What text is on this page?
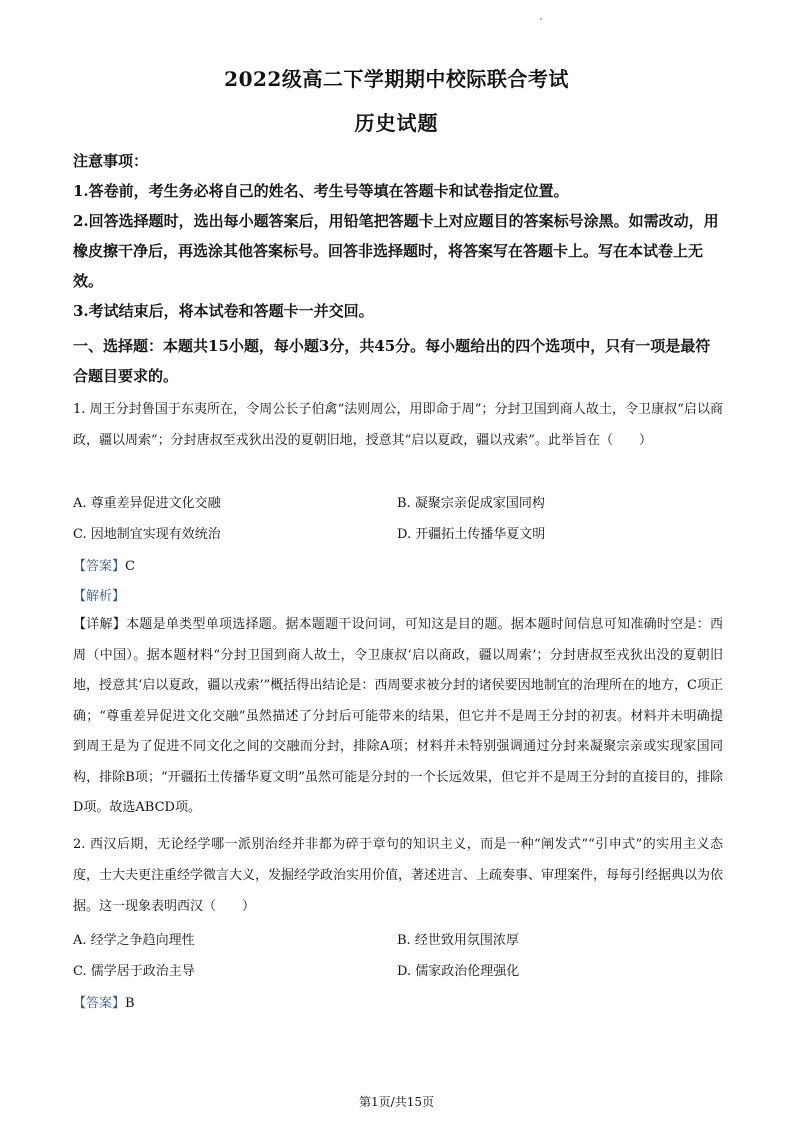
2022级高二下学期期中校际联合考试
历史试题
注意事项：
1.答卷前，考生务必将自己的姓名、考生号等填在答题卡和试卷指定位置。
2.回答选择题时，选出每小题答案后，用铅笔把答题卡上对应题目的答案标号涂黑。如需改动，用橡皮擦干净后，再选涂其他答案标号。回答非选择题时，将答案写在答题卡上。写在本试卷上无效。
3.考试结束后，将本试卷和答题卡一并交回。
一、选择题：本题共15小题，每小题3分，共45分。每小题给出的四个选项中，只有一项是最符合题目要求的。
1. 周王分封鲁国于东夷所在，令周公长子伯禽“法则周公，用即命于周”；分封卫国到商人故土，令卫康叔“启以商政，疆以周索”；分封唐叔至戎狄出没的夏朝旧地，授意其“启以夏政，疆以戎索”。此举旨在（　　）
A. 尊重差异促进文化交融	B. 凝聚宗亲促成家国同构
C. 因地制宜实现有效统治	D. 开疆拓土传播华夏文明
【答案】C
【解析】
【详解】本题是单类型单项选择题。据本题题干设问词，可知这是目的题。据本题时间信息可知准确时空是：西周（中国）。据本题材料“分封卫国到商人故土，令卫康叔‘启以商政，疆以周索’；分封唐叔至戎狄出没的夏朝旧地，授意其‘启以夏政，疆以戎索’”概括得出结论是：西周要求被分封的诸侯要因地制宜的治理所在的地方，C项正确；“尊重差异促进文化交融”虽然描述了分封后可能带来的结果，但它并不是周王分封的初衷。材料并未明确提到周王是为了促进不同文化之间的交融而分封，排除A项；材料并未特别强调通过分封来凝聚宗亲或实现家国同构，排除B项；“开疆拓土传播华夏文明”虽然可能是分封的一个长远效果，但它并不是周王分封的直接目的，排除D项。故选ABCD项。
2. 西汉后期，无论经学哪一派别治经并非都为碎于章句的知识主义，而是一种“阐发式”“引申式”的实用主义态度，士大夫更注重经学微言大义，发掘经学政治实用价值，著述进言、上疏奏事、审理案件，每每引经据典以为依据。这一现象表明西汉（　　）
A. 经学之争趋向理性	B. 经世致用氛围浓厚
C. 儒学居于政治主导	D. 儒家政治伦理强化
【答案】B
第1页/共15页
